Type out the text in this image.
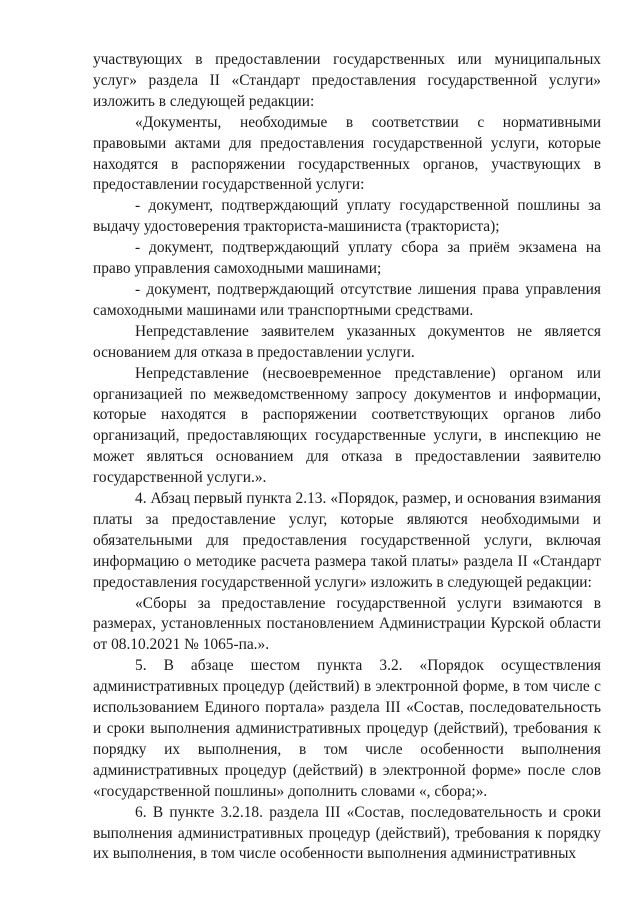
участвующих в предоставлении государственных или муниципальных услуг» раздела II «Стандарт предоставления государственной услуги» изложить в следующей редакции:

«Документы, необходимые в соответствии с нормативными правовыми актами для предоставления государственной услуги, которые находятся в распоряжении государственных органов, участвующих в предоставлении государственной услуги:

- документ, подтверждающий уплату государственной пошлины за выдачу удостоверения тракториста-машиниста (тракториста);

- документ, подтверждающий уплату сбора за приём экзамена на право управления самоходными машинами;

- документ, подтверждающий отсутствие лишения права управления самоходными машинами или транспортными средствами.

Непредставление заявителем указанных документов не является основанием для отказа в предоставлении услуги.

Непредставление (несвоевременное представление) органом или организацией по межведомственному запросу документов и информации, которые находятся в распоряжении соответствующих органов либо организаций, предоставляющих государственные услуги, в инспекцию не может являться основанием для отказа в предоставлении заявителю государственной услуги.».

4. Абзац первый пункта 2.13. «Порядок, размер, и основания взимания платы за предоставление услуг, которые являются необходимыми и обязательными для предоставления государственной услуги, включая информацию о методике расчета размера такой платы» раздела II «Стандарт предоставления государственной услуги» изложить в следующей редакции:

«Сборы за предоставление государственной услуги взимаются в размерах, установленных постановлением Администрации Курской области от 08.10.2021 № 1065-па.».

5. В абзаце шестом пункта 3.2. «Порядок осуществления административных процедур (действий) в электронной форме, в том числе с использованием Единого портала» раздела III «Состав, последовательность и сроки выполнения административных процедур (действий), требования к порядку их выполнения, в том числе особенности выполнения административных процедур (действий) в электронной форме» после слов «государственной пошлины» дополнить словами «, сбора;».

6. В пункте 3.2.18. раздела III «Состав, последовательность и сроки выполнения административных процедур (действий), требования к порядку их выполнения, в том числе особенности выполнения административных
